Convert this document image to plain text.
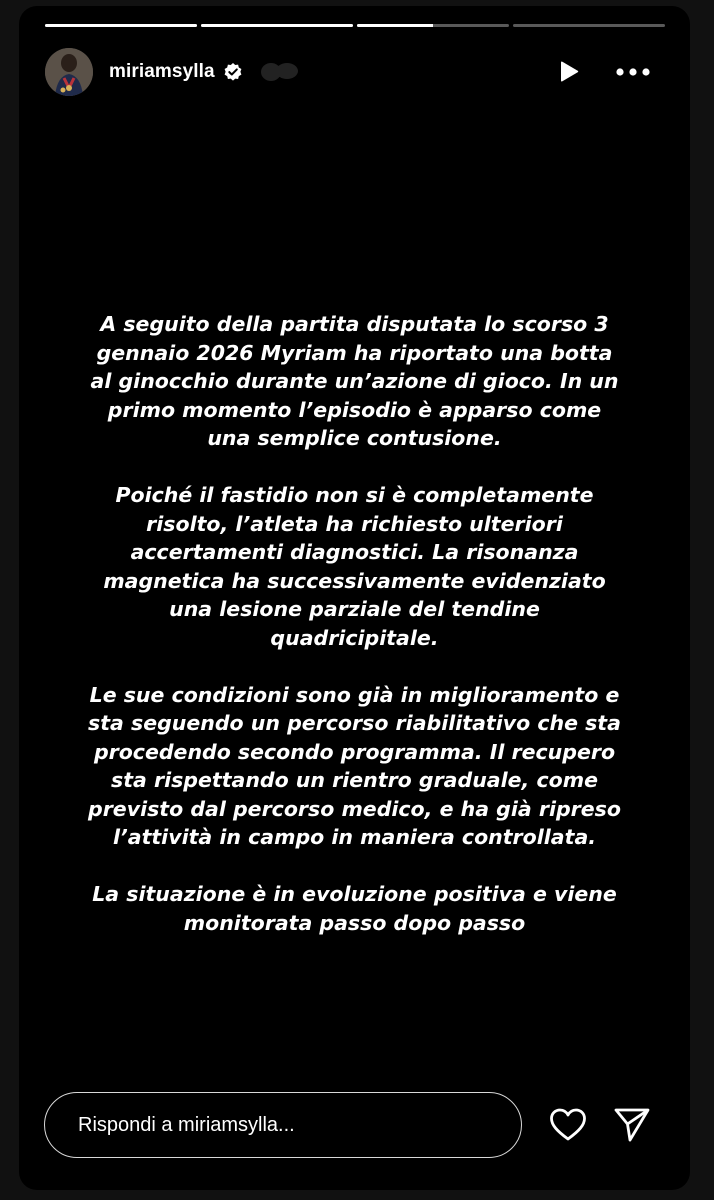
miriamsylla

A seguito della partita disputata lo scorso 3
gennaio 2026 Myriam ha riportato una botta
al ginocchio durante un’azione di gioco. In un
primo momento l’episodio è apparso come
una semplice contusione.

Poiché il fastidio non si è completamente
risolto, l’atleta ha richiesto ulteriori
accertamenti diagnostici. La risonanza
magnetica ha successivamente evidenziato
una lesione parziale del tendine
quadricipitale.

Le sue condizioni sono già in miglioramento e
sta seguendo un percorso riabilitativo che sta
procedendo secondo programma. Il recupero
sta rispettando un rientro graduale, come
previsto dal percorso medico, e ha già ripreso
l’attività in campo in maniera controllata.

La situazione è in evoluzione positiva e viene
monitorata passo dopo passo

Rispondi a miriamsylla...
